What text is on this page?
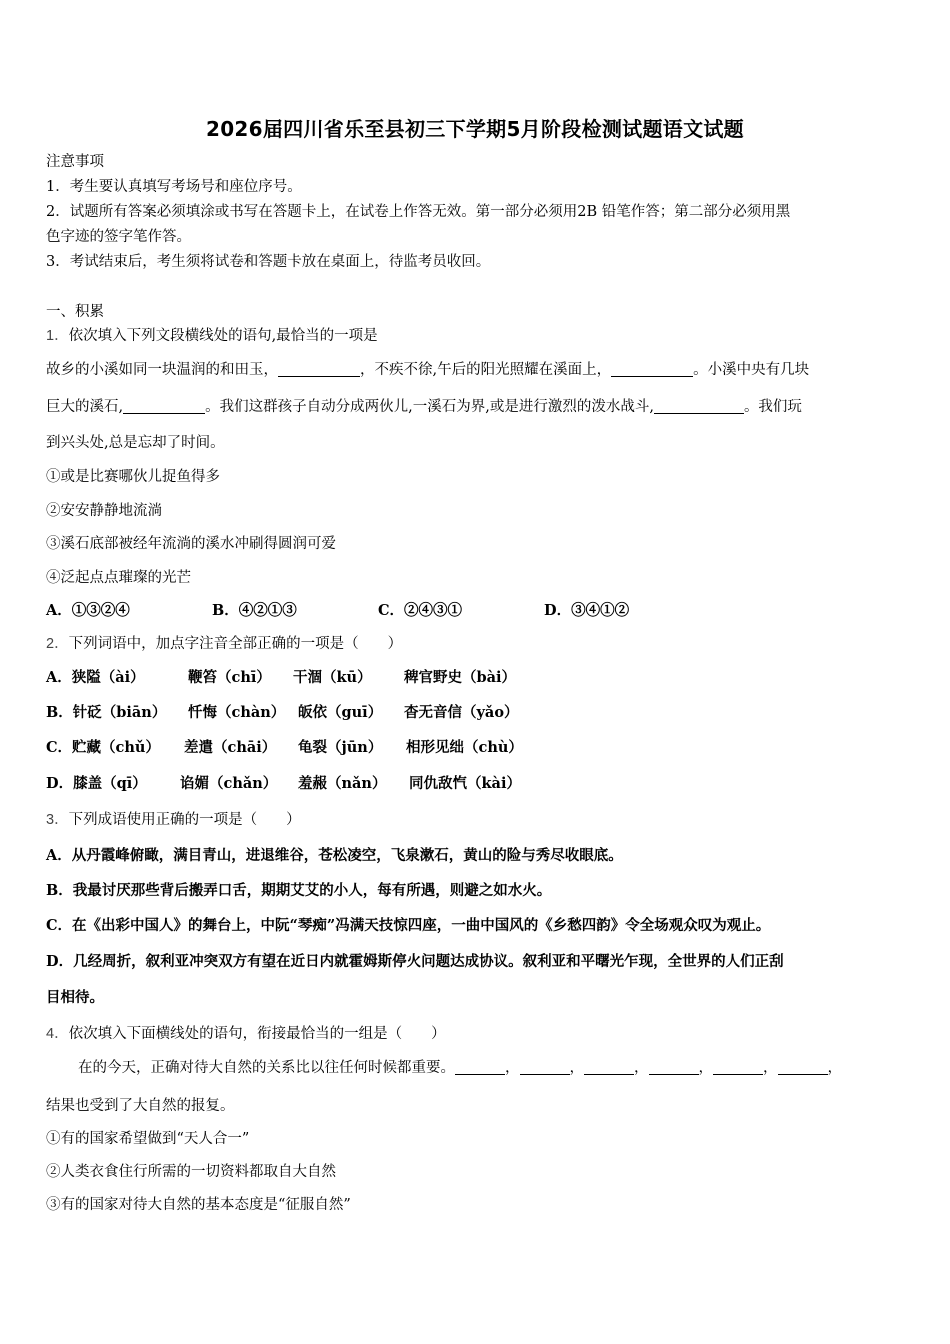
2026届四川省乐至县初三下学期5月阶段检测试题语文试题
注意事项
1．考生要认真填写考场号和座位序号。
2．试题所有答案必须填涂或书写在答题卡上，在试卷上作答无效。第一部分必须用2B 铅笔作答；第二部分必须用黑
色字迹的签字笔作答。
3．考试结束后，考生须将试卷和答题卡放在桌面上，待监考员收回。
一、积累
1．依次填入下列文段横线处的语句,最恰当的一项是
故乡的小溪如同一块温润的和田玉，	，不疾不徐,午后的阳光照耀在溪面上，	。小溪中央有几块
巨大的溪石,	。我们这群孩子自动分成两伙儿,一溪石为界,或是进行激烈的泼水战斗,	。我们玩
到兴头处,总是忘却了时间。
①或是比赛哪伙儿捉鱼得多
②安安静静地流淌
③溪石底部被经年流淌的溪水冲刷得圆润可爱
④泛起点点璀璨的光芒
A．①③②④	B．④②①③	C．②④③①	D．③④①②
2．下列词语中，加点字注音全部正确的一项是（　　）
A．狭隘（ài）	鞭笞（chī） 干涸（kū） 稗官野史（bài）
B．针砭（biān） 忏悔（chàn） 皈依（guī） 杳无音信（yǎo）
C．贮藏（chǔ） 差遣（chāi） 龟裂（jūn） 相形见绌（chù）
D．膝盖（qī） 谄媚（chǎn） 羞赧（nǎn） 同仇敌忾（kài）
3．下列成语使用正确的一项是（　　）
A．从丹霞峰俯瞰，满目青山，进退维谷，苍松凌空，飞泉漱石，黄山的险与秀尽收眼底。
B．我最讨厌那些背后搬弄口舌，期期艾艾的小人，每有所遇，则避之如水火。
C．在《出彩中国人》的舞台上，中阮“琴痴”冯满天技惊四座，一曲中国风的《乡愁四韵》令全场观众叹为观止。
D．几经周折，叙利亚冲突双方有望在近日内就霍姆斯停火问题达成协议。叙利亚和平曙光乍现，全世界的人们正刮
目相待。
4．依次填入下面横线处的语句，衔接最恰当的一组是（　　）
在的今天，正确对待大自然的关系比以往任何时候都重要。	，	，	，	，	，	，
结果也受到了大自然的报复。
①有的国家希望做到“天人合一”
②人类衣食住行所需的一切资料都取自大自然
③有的国家对待大自然的基本态度是“征服自然”
